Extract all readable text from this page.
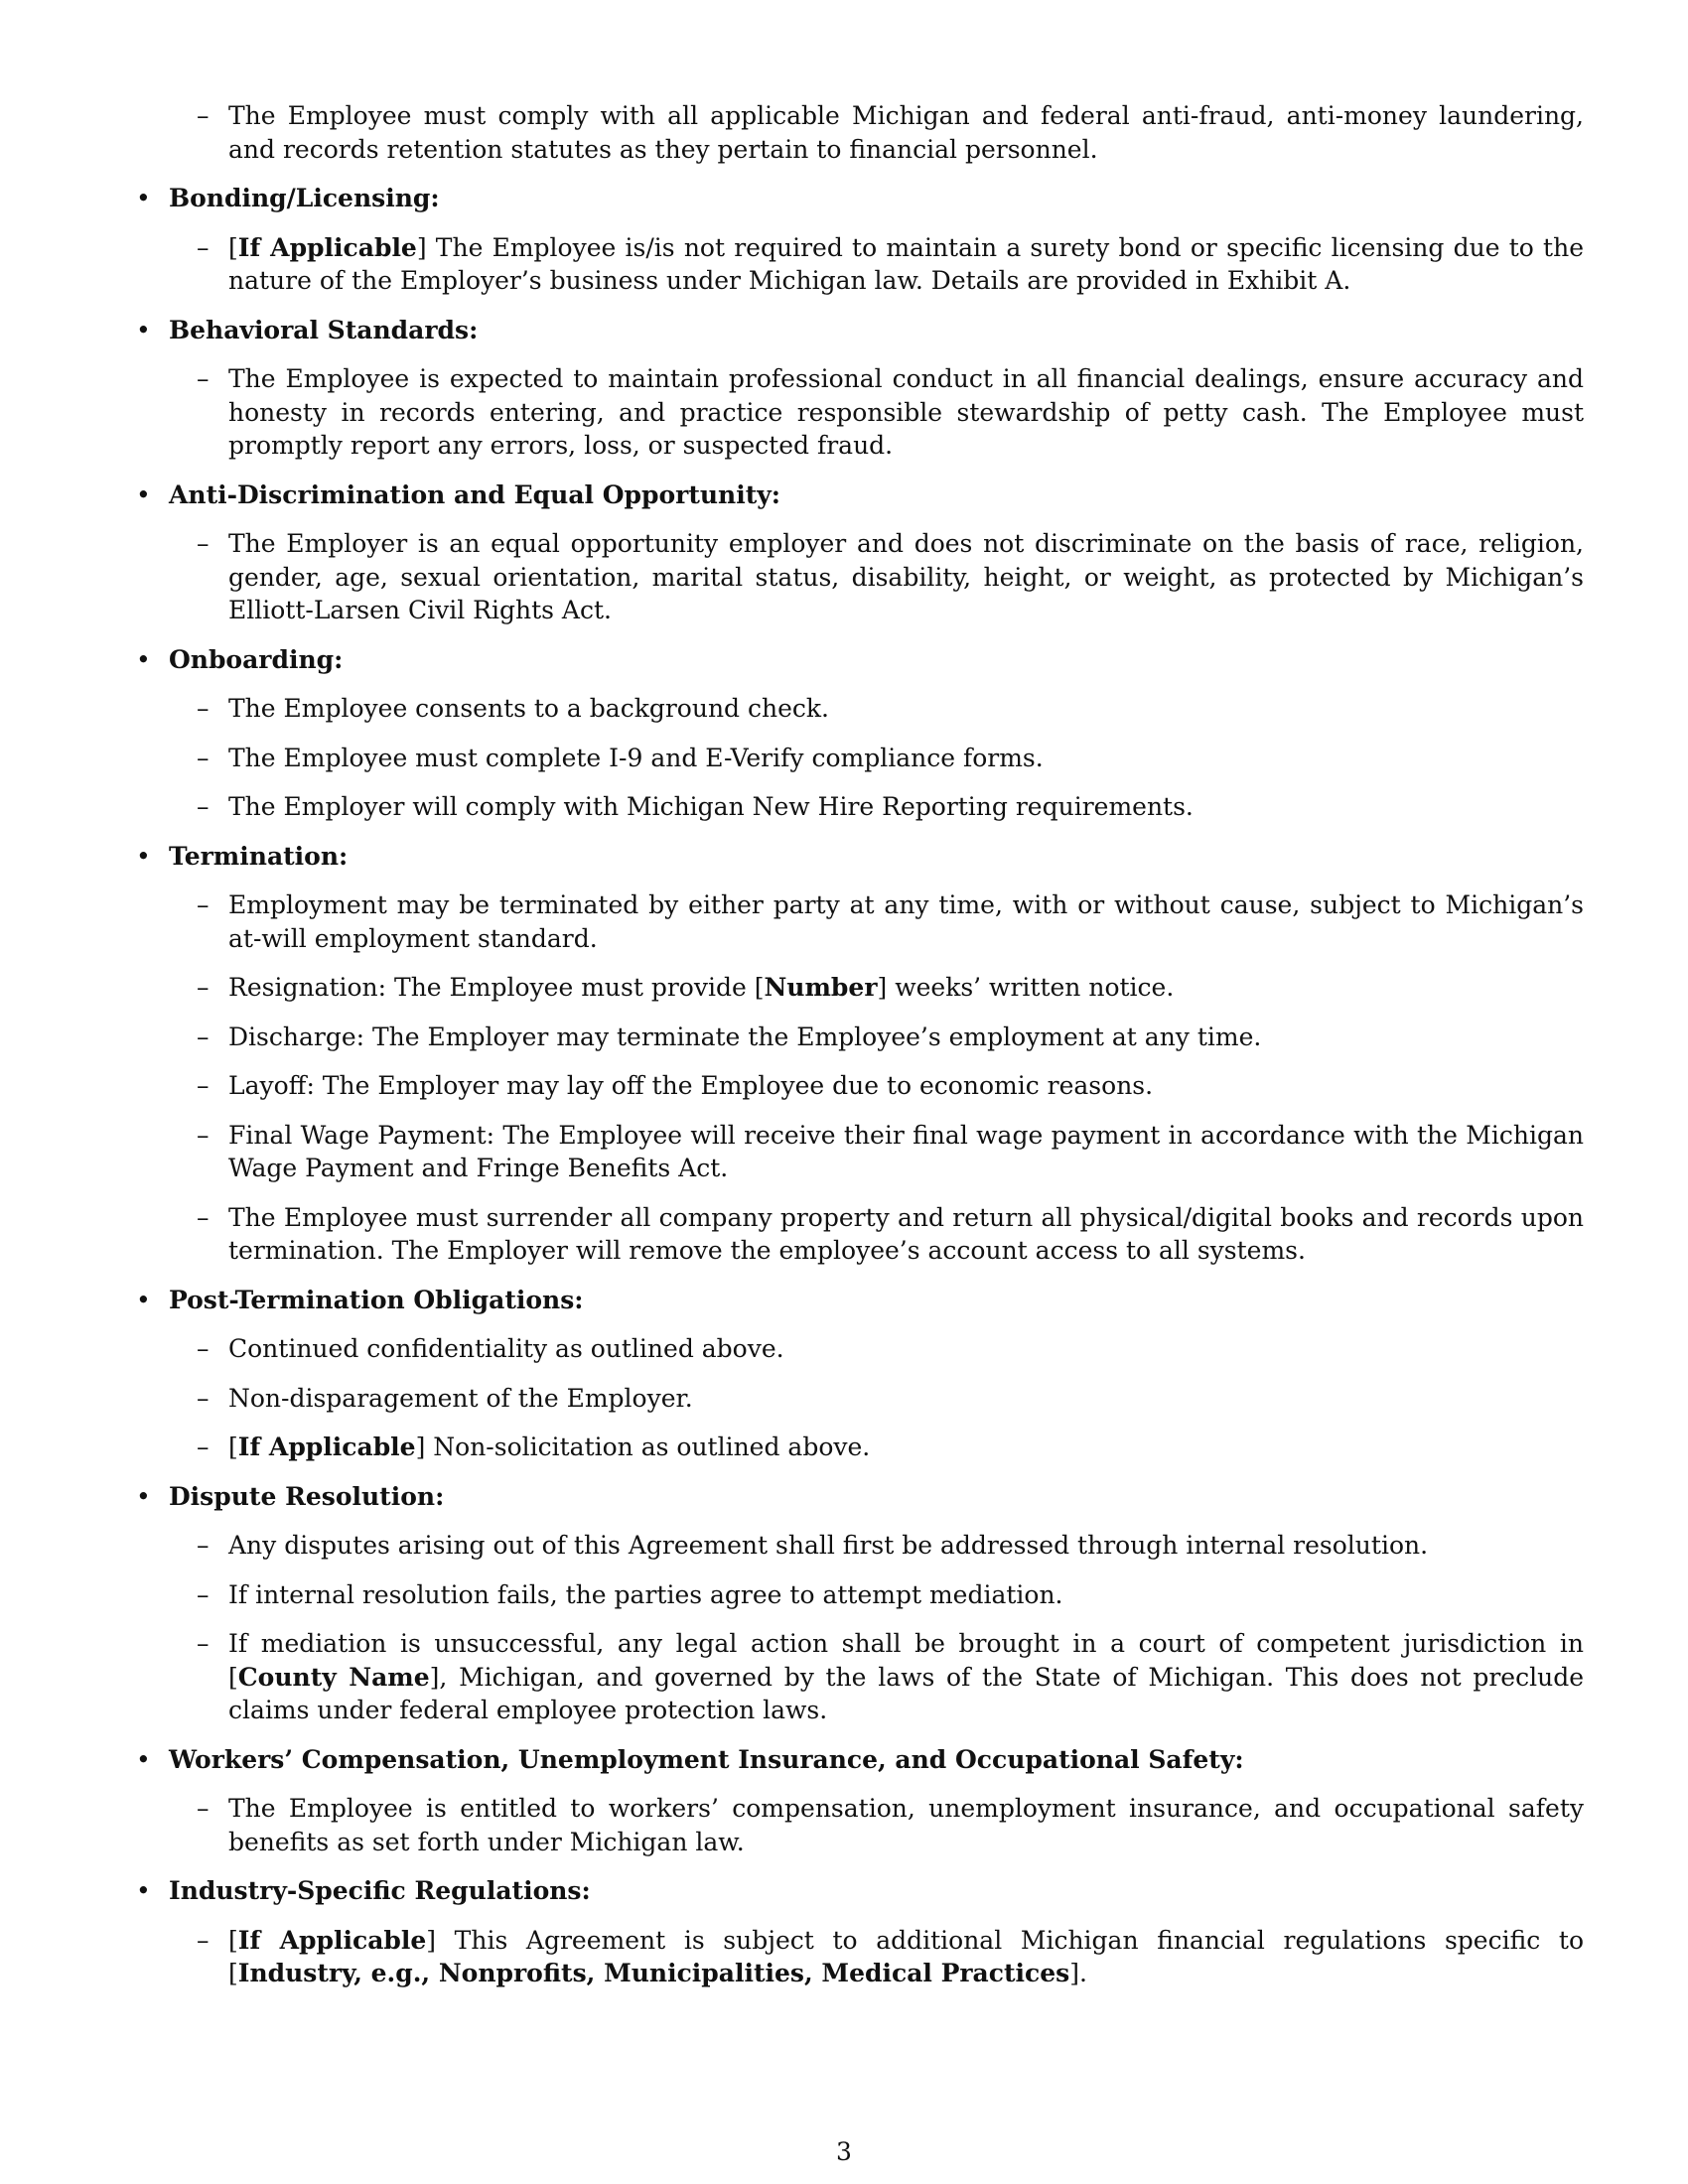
– The Employee must comply with all applicable Michigan and federal anti-fraud, anti-money laundering, and records retention statutes as they pertain to financial personnel.
• Bonding/Licensing:
– [If Applicable] The Employee is/is not required to maintain a surety bond or specific licensing due to the nature of the Employer’s business under Michigan law. Details are provided in Exhibit A.
• Behavioral Standards:
– The Employee is expected to maintain professional conduct in all financial dealings, ensure accuracy and honesty in records entering, and practice responsible stewardship of petty cash. The Employee must promptly report any errors, loss, or suspected fraud.
• Anti-Discrimination and Equal Opportunity:
– The Employer is an equal opportunity employer and does not discriminate on the basis of race, religion, gender, age, sexual orientation, marital status, disability, height, or weight, as protected by Michigan’s Elliott-Larsen Civil Rights Act.
• Onboarding:
– The Employee consents to a background check.
– The Employee must complete I-9 and E-Verify compliance forms.
– The Employer will comply with Michigan New Hire Reporting requirements.
• Termination:
– Employment may be terminated by either party at any time, with or without cause, subject to Michigan’s at-will employment standard.
– Resignation: The Employee must provide [Number] weeks’ written notice.
– Discharge: The Employer may terminate the Employee’s employment at any time.
– Layoff: The Employer may lay off the Employee due to economic reasons.
– Final Wage Payment: The Employee will receive their final wage payment in accordance with the Michigan Wage Payment and Fringe Benefits Act.
– The Employee must surrender all company property and return all physical/digital books and records upon termination. The Employer will remove the employee’s account access to all systems.
• Post-Termination Obligations:
– Continued confidentiality as outlined above.
– Non-disparagement of the Employer.
– [If Applicable] Non-solicitation as outlined above.
• Dispute Resolution:
– Any disputes arising out of this Agreement shall first be addressed through internal resolution.
– If internal resolution fails, the parties agree to attempt mediation.
– If mediation is unsuccessful, any legal action shall be brought in a court of competent jurisdiction in [County Name], Michigan, and governed by the laws of the State of Michigan. This does not preclude claims under federal employee protection laws.
• Workers’ Compensation, Unemployment Insurance, and Occupational Safety:
– The Employee is entitled to workers’ compensation, unemployment insurance, and occupational safety benefits as set forth under Michigan law.
• Industry-Specific Regulations:
– [If Applicable] This Agreement is subject to additional Michigan financial regulations specific to [Industry, e.g., Nonprofits, Municipalities, Medical Practices].
3
